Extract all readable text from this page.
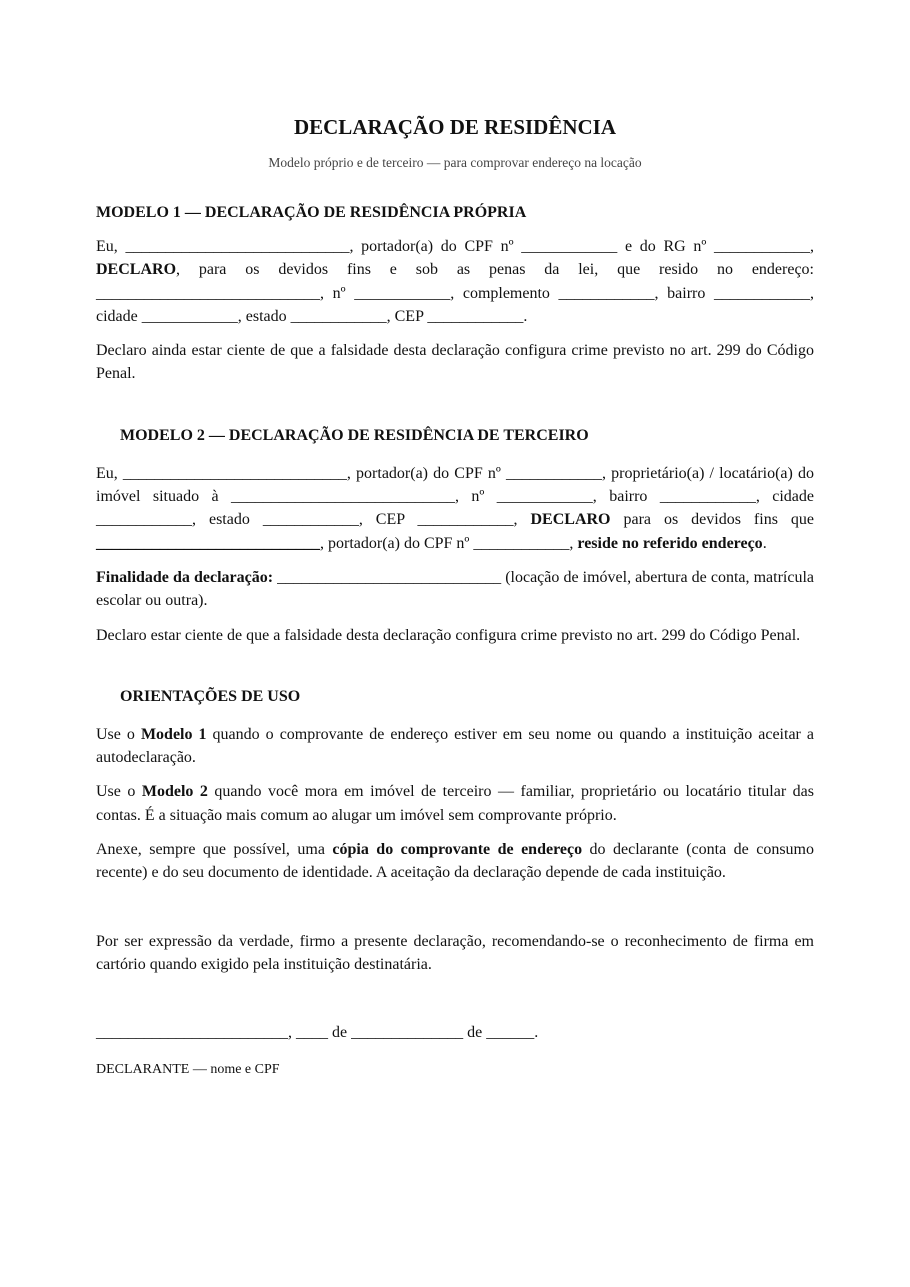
DECLARAÇÃO DE RESIDÊNCIA

Modelo próprio e de terceiro — para comprovar endereço na locação

MODELO 1 — DECLARAÇÃO DE RESIDÊNCIA PRÓPRIA

Eu, ____________________________, portador(a) do CPF nº ____________ e do RG nº ____________, DECLARO, para os devidos fins e sob as penas da lei, que resido no endereço: ____________________________, nº ____________, complemento ____________, bairro ____________, cidade ____________, estado ____________, CEP ____________.

Declaro ainda estar ciente de que a falsidade desta declaração configura crime previsto no art. 299 do Código Penal.

MODELO 2 — DECLARAÇÃO DE RESIDÊNCIA DE TERCEIRO

Eu, ____________________________, portador(a) do CPF nº ____________, proprietário(a) / locatário(a) do imóvel situado à ____________________________, nº ____________, bairro ____________, cidade ____________, estado ____________, CEP ____________, DECLARO para os devidos fins que ____________________________, portador(a) do CPF nº ____________, reside no referido endereço.

Finalidade da declaração: ____________________________ (locação de imóvel, abertura de conta, matrícula escolar ou outra).

Declaro estar ciente de que a falsidade desta declaração configura crime previsto no art. 299 do Código Penal.

ORIENTAÇÕES DE USO

Use o Modelo 1 quando o comprovante de endereço estiver em seu nome ou quando a instituição aceitar a autodeclaração.

Use o Modelo 2 quando você mora em imóvel de terceiro — familiar, proprietário ou locatário titular das contas. É a situação mais comum ao alugar um imóvel sem comprovante próprio.

Anexe, sempre que possível, uma cópia do comprovante de endereço do declarante (conta de consumo recente) e do seu documento de identidade. A aceitação da declaração depende de cada instituição.

Por ser expressão da verdade, firmo a presente declaração, recomendando-se o reconhecimento de firma em cartório quando exigido pela instituição destinatária.

________________________, ____ de ______________ de ______.

DECLARANTE — nome e CPF
